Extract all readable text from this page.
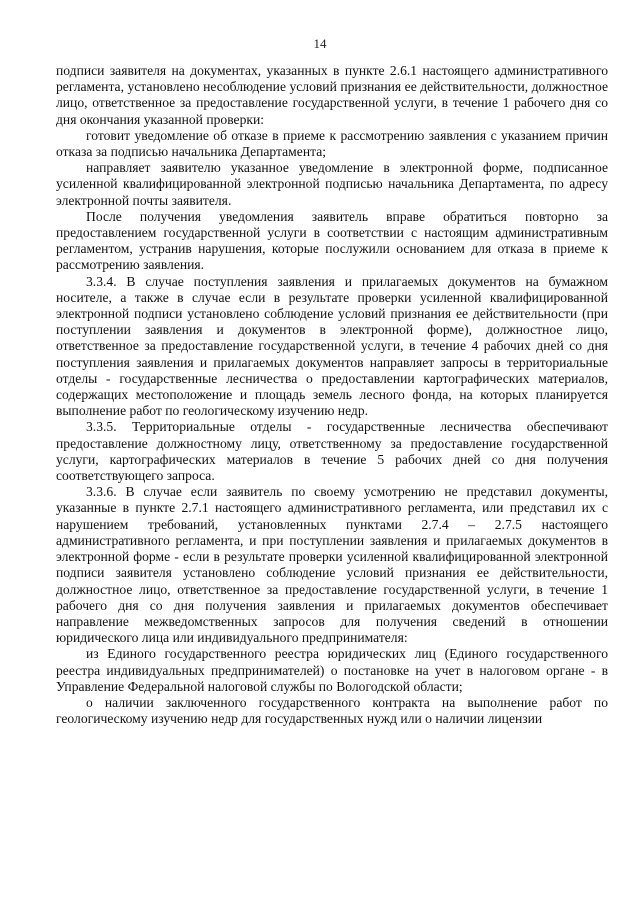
14

подписи заявителя на документах, указанных в пункте 2.6.1 настоящего административного регламента, установлено несоблюдение условий признания ее действительности, должностное лицо, ответственное за предоставление государственной услуги, в течение 1 рабочего дня со дня окончания указанной проверки:

готовит уведомление об отказе в приеме к рассмотрению заявления с указанием причин отказа за подписью начальника Департамента;

направляет заявителю указанное уведомление в электронной форме, подписанное усиленной квалифицированной электронной подписью начальника Департамента, по адресу электронной почты заявителя.

После получения уведомления заявитель вправе обратиться повторно за предоставлением государственной услуги в соответствии с настоящим административным регламентом, устранив нарушения, которые послужили основанием для отказа в приеме к рассмотрению заявления.

3.3.4. В случае поступления заявления и прилагаемых документов на бумажном носителе, а также в случае если в результате проверки усиленной квалифицированной электронной подписи установлено соблюдение условий признания ее действительности (при поступлении заявления и документов в электронной форме), должностное лицо, ответственное за предоставление государственной услуги, в течение 4 рабочих дней со дня поступления заявления и прилагаемых документов направляет запросы в территориальные отделы - государственные лесничества о предоставлении картографических материалов, содержащих местоположение и площадь земель лесного фонда, на которых планируется выполнение работ по геологическому изучению недр.

3.3.5. Территориальные отделы - государственные лесничества обеспечивают предоставление должностному лицу, ответственному за предоставление государственной услуги, картографических материалов в течение 5 рабочих дней со дня получения соответствующего запроса.

3.3.6. В случае если заявитель по своему усмотрению не представил документы, указанные в пункте 2.7.1 настоящего административного регламента, или представил их с нарушением требований, установленных пунктами 2.7.4 – 2.7.5 настоящего административного регламента, и при поступлении заявления и прилагаемых документов в электронной форме - если в результате проверки усиленной квалифицированной электронной подписи заявителя установлено соблюдение условий признания ее действительности, должностное лицо, ответственное за предоставление государственной услуги, в течение 1 рабочего дня со дня получения заявления и прилагаемых документов обеспечивает направление межведомственных запросов для получения сведений в отношении юридического лица или индивидуального предпринимателя:

из Единого государственного реестра юридических лиц (Единого государственного реестра индивидуальных предпринимателей) о постановке на учет в налоговом органе - в Управление Федеральной налоговой службы по Вологодской области;

о наличии заключенного государственного контракта на выполнение работ по геологическому изучению недр для государственных нужд или о наличии лицензии
